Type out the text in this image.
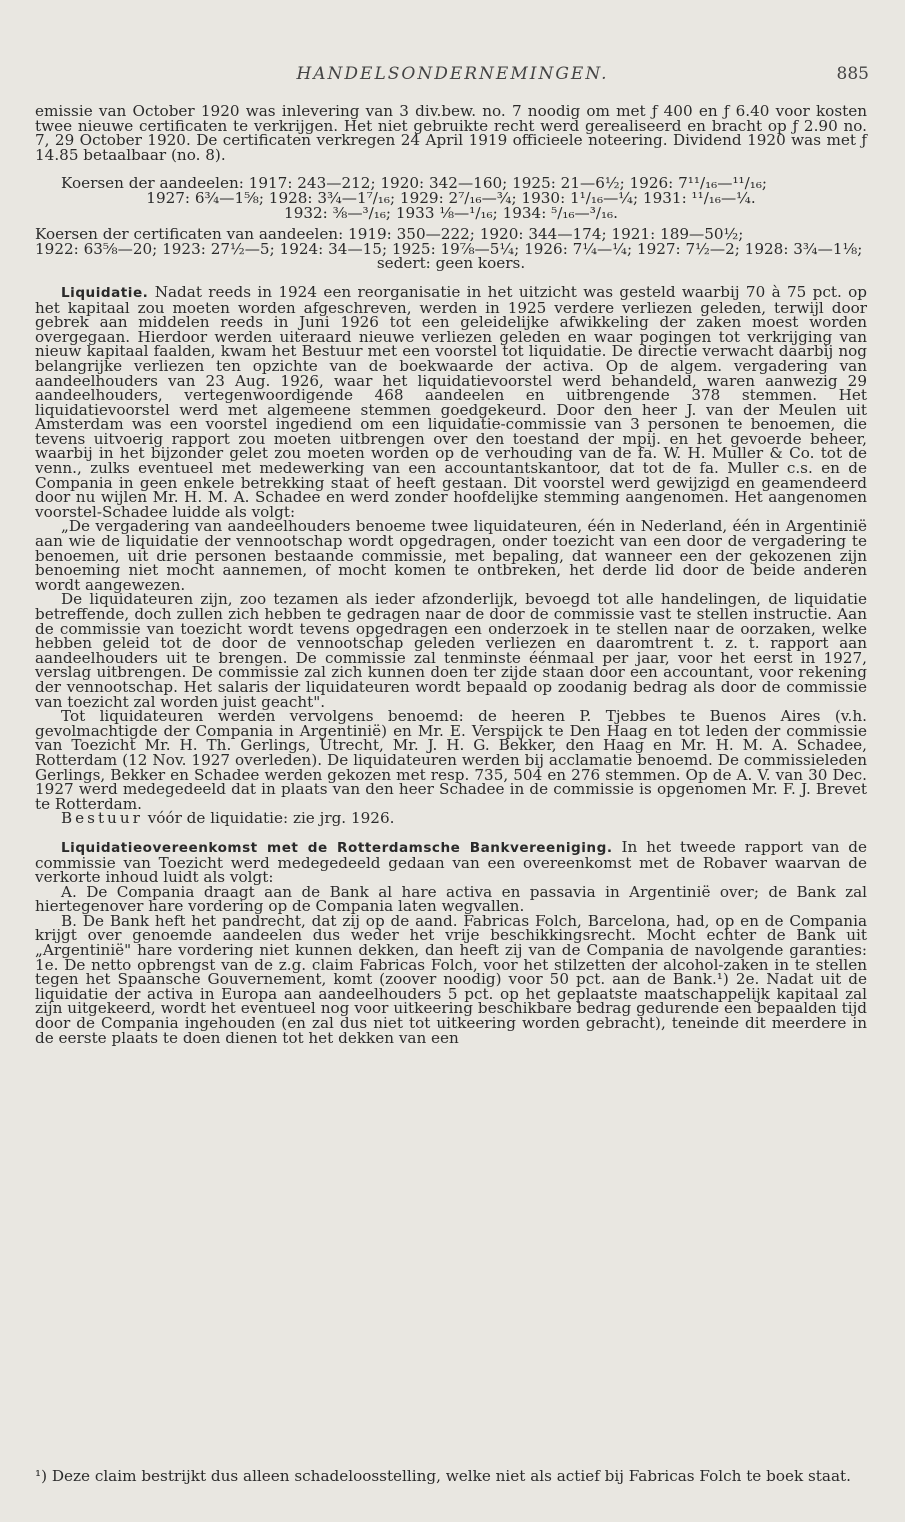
HANDELSONDERNEMINGEN.	885

emissie van October 1920 was inlevering van 3 div.bew. no. 7 noodig om met ƒ 400 en ƒ 6.40 voor kosten twee nieuwe certificaten te verkrijgen. Het niet gebruikte recht werd gerealiseerd en bracht op ƒ 2.90 no. 7, 29 October 1920. De certificaten verkregen 24 April 1919 officieele noteering. Dividend 1920 was met ƒ 14.85 betaalbaar (no. 8).

Koersen der aandeelen: 1917: 243—212; 1920: 342—160; 1925: 21—6½; 1926: 7¹¹/₁₆—¹¹/₁₆;

1927: 6¾—1⅝; 1928: 3¾—1⁷/₁₆; 1929: 2⁷/₁₆—¾; 1930: 1¹/₁₆—¼; 1931: ¹¹/₁₆—¼.

1932: ⅜—³/₁₆; 1933 ⅛—¹/₁₆; 1934: ⁵/₁₆—³/₁₆.

Koersen der certificaten van aandeelen: 1919: 350—222; 1920: 344—174; 1921: 189—50½;

1922: 63⅝—20; 1923: 27½—5; 1924: 34—15; 1925: 19⅞—5¼; 1926: 7¼—¼; 1927: 7½—2; 1928: 3¾—1⅛;

sedert: geen koers.

Liquidatie. Nadat reeds in 1924 een reorganisatie in het uitzicht was gesteld waarbij 70 à 75 pct. op het kapitaal zou moeten worden afgeschreven, werden in 1925 verdere verliezen geleden, terwijl door gebrek aan middelen reeds in Juni 1926 tot een geleidelijke afwikkeling der zaken moest worden overgegaan. Hierdoor werden uiteraard nieuwe verliezen geleden en waar pogingen tot verkrijging van nieuw kapitaal faalden, kwam het Bestuur met een voorstel tot liquidatie. De directie verwacht daarbij nog belangrijke verliezen ten opzichte van de boekwaarde der activa. Op de algem. vergadering van aandeelhouders van 23 Aug. 1926, waar het liquidatievoorstel werd behandeld, waren aanwezig 29 aandeelhouders, vertegenwoordigende 468 aandeelen en uitbrengende 378 stemmen. Het liquidatievoorstel werd met algemeene stemmen goedgekeurd. Door den heer J. van der Meulen uit Amsterdam was een voorstel ingediend om een liquidatie-commissie van 3 personen te benoemen, die tevens uitvoerig rapport zou moeten uitbrengen over den toestand der mpij. en het gevoerde beheer, waarbij in het bijzonder gelet zou moeten worden op de verhouding van de fa. W. H. Muller & Co. tot de venn., zulks eventueel met medewerking van een accountantskantoor, dat tot de fa. Muller c.s. en de Compania in geen enkele betrekking staat of heeft gestaan. Dit voorstel werd gewijzigd en geamendeerd door nu wijlen Mr. H. M. A. Schadee en werd zonder hoofdelijke stemming aangenomen. Het aangenomen voorstel-Schadee luidde als volgt:

„De vergadering van aandeelhouders benoeme twee liquidateuren, één in Nederland, één in Argentinië aan wie de liquidatie der vennootschap wordt opgedragen, onder toezicht van een door de vergadering te benoemen, uit drie personen bestaande commissie, met bepaling, dat wanneer een der gekozenen zijn benoeming niet mocht aannemen, of mocht komen te ontbreken, het derde lid door de beide anderen wordt aangewezen.

De liquidateuren zijn, zoo tezamen als ieder afzonderlijk, bevoegd tot alle handelingen, de liquidatie betreffende, doch zullen zich hebben te gedragen naar de door de commissie vast te stellen instructie. Aan de commissie van toezicht wordt tevens opgedragen een onderzoek in te stellen naar de oorzaken, welke hebben geleid tot de door de vennootschap geleden verliezen en daaromtrent t. z. t. rapport aan aandeelhouders uit te brengen. De commissie zal tenminste éénmaal per jaar, voor het eerst in 1927, verslag uitbrengen. De commissie zal zich kunnen doen ter zijde staan door een accountant, voor rekening der vennootschap. Het salaris der liquidateuren wordt bepaald op zoodanig bedrag als door de commissie van toezicht zal worden juist geacht".

Tot liquidateuren werden vervolgens benoemd: de heeren P. Tjebbes te Buenos Aires (v.h. gevolmachtigde der Compania in Argentinië) en Mr. E. Verspijck te Den Haag en tot leden der commissie van Toezicht Mr. H. Th. Gerlings, Utrecht, Mr. J. H. G. Bekker, den Haag en Mr. H. M. A. Schadee, Rotterdam (12 Nov. 1927 overleden). De liquidateuren werden bij acclamatie benoemd. De commissieleden Gerlings, Bekker en Schadee werden gekozen met resp. 735, 504 en 276 stemmen. Op de A. V. van 30 Dec. 1927 werd medegedeeld dat in plaats van den heer Schadee in de commissie is opgenomen Mr. F. J. Brevet te Rotterdam.

Bestuur vóór de liquidatie: zie jrg. 1926.

Liquidatieovereenkomst met de Rotterdamsche Bankvereeniging. In het tweede rapport van de commissie van Toezicht werd medegedeeld gedaan van een overeenkomst met de Robaver waarvan de verkorte inhoud luidt als volgt:

A. De Compania draagt aan de Bank al hare activa en passavia in Argentinië over; de Bank zal hiertegenover hare vordering op de Compania laten wegvallen.

B. De Bank heft het pandrecht, dat zij op de aand. Fabricas Folch, Barcelona, had, op en de Compania krijgt over genoemde aandeelen dus weder het vrije beschikkingsrecht. Mocht echter de Bank uit „Argentinië" hare vordering niet kunnen dekken, dan heeft zij van de Compania de navolgende garanties: 1e. De netto opbrengst van de z.g. claim Fabricas Folch, voor het stilzetten der alcohol-zaken in te stellen tegen het Spaansche Gouvernement, komt (zoover noodig) voor 50 pct. aan de Bank.¹) 2e. Nadat uit de liquidatie der activa in Europa aan aandeelhouders 5 pct. op het geplaatste maatschappelijk kapitaal zal zijn uitgekeerd, wordt het eventueel nog voor uitkeering beschikbare bedrag gedurende een bepaalden tijd door de Compania ingehouden (en zal dus niet tot uitkeering worden gebracht), teneinde dit meerdere in de eerste plaats te doen dienen tot het dekken van een

¹) Deze claim bestrijkt dus alleen schadeloosstelling, welke niet als actief bij Fabricas Folch te boek staat.
